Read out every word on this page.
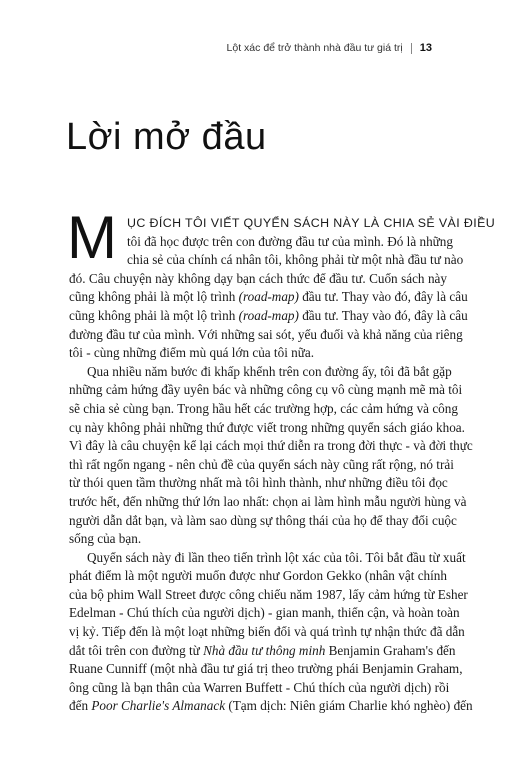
Lột xác để trở thành nhà đầu tư giá trị 13
Lời mở đầu
M ỤC ĐÍCH TÔI VIẾT QUYỂN SÁCH NÀY LÀ CHIA SẺ VÀI ĐIỀU
tôi đã học được trên con đường đầu tư của mình. Đó là những
chia sẻ của chính cá nhân tôi, không phải từ một nhà đầu tư nào
đó. Câu chuyện này không dạy bạn cách thức để đầu tư. Cuốn sách này
cũng không phải là một lộ trình (road-map) đầu tư. Thay vào đó, đây là câu
cũng không phải là một lộ trình (road-map) đầu tư. Thay vào đó, đây là câu
đường đầu tư của mình. Với những sai sót, yếu đuối và khả năng của riêng
tôi - cùng những điểm mù quá lớn của tôi nữa.
Qua nhiều năm bước đi khấp khểnh trên con đường ấy, tôi đã bắt gặp
những cảm hứng đầy uyên bác và những công cụ vô cùng mạnh mẽ mà tôi
sẽ chia sẻ cùng bạn. Trong hầu hết các trường hợp, các cảm hứng và công
cụ này không phải những thứ được viết trong những quyển sách giáo khoa.
Vì đây là câu chuyện kể lại cách mọi thứ diễn ra trong đời thực - và đời thực
thì rất ngổn ngang - nên chủ đề của quyển sách này cũng rất rộng, nó trải
từ thói quen tầm thường nhất mà tôi hình thành, như những điều tôi đọc
trước hết, đến những thứ lớn lao nhất: chọn ai làm hình mẫu người hùng và
người dẫn dắt bạn, và làm sao dùng sự thông thái của họ để thay đổi cuộc
sống của bạn.
Quyển sách này đi lần theo tiến trình lột xác của tôi. Tôi bắt đầu từ xuất
phát điểm là một người muốn được như Gordon Gekko (nhân vật chính
của bộ phim Wall Street được công chiếu năm 1987, lấy cảm hứng từ Esher
Edelman - Chú thích của người dịch) - gian manh, thiển cận, và hoàn toàn
vị kỷ. Tiếp đến là một loạt những biến đổi và quá trình tự nhận thức đã dẫn
dắt tôi trên con đường từ Nhà đầu tư thông minh Benjamin Graham's đến
Ruane Cunniff (một nhà đầu tư giá trị theo trường phái Benjamin Graham,
ông cũng là bạn thân của Warren Buffett - Chú thích của người dịch) rồi
đến Poor Charlie's Almanack (Tạm dịch: Niên giám Charlie khó nghèo) đến
